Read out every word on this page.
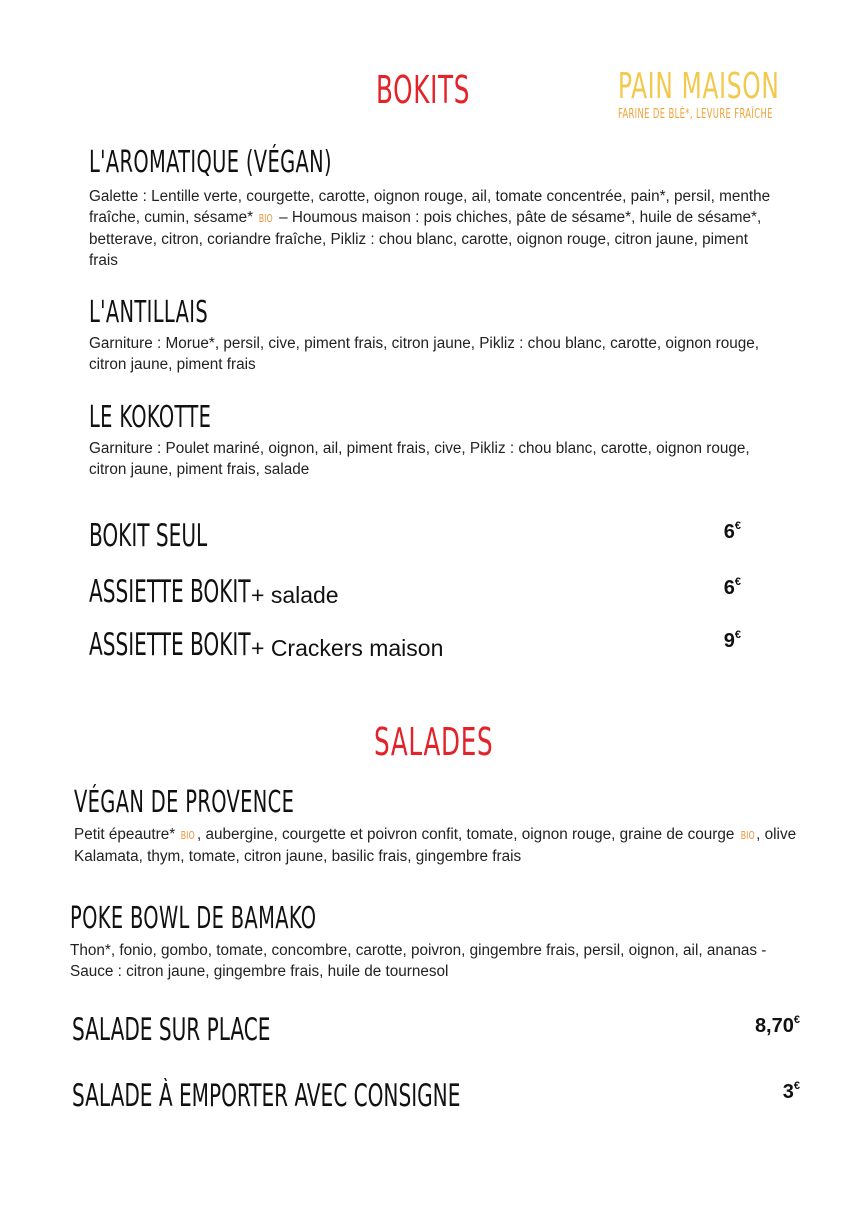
BOKITS	PAIN MAISON
FARINE DE BLÉ*, LEVURE FRAÎCHE
L'AROMATIQUE (VÉGAN)
Galette : Lentille verte, courgette, carotte, oignon rouge, ail, tomate concentrée, pain*, persil, menthe fraîche, cumin, sésame* BIO – Houmous maison : pois chiches, pâte de sésame*, huile de sésame*, betterave, citron, coriandre fraîche, Pikliz : chou blanc, carotte, oignon rouge, citron jaune, piment frais
L'ANTILLAIS
Garniture : Morue*, persil, cive, piment frais, citron jaune, Pikliz : chou blanc, carotte, oignon rouge, citron jaune, piment frais
LE KOKOTTE
Garniture : Poulet mariné, oignon, ail, piment frais, cive, Pikliz : chou blanc, carotte, oignon rouge, citron jaune, piment frais, salade
BOKIT SEUL	6€
ASSIETTE BOKIT + salade	6€
ASSIETTE BOKIT + Crackers maison	9€
SALADES
VÉGAN DE PROVENCE
Petit épeautre* BIO , aubergine, courgette et poivron confit, tomate, oignon rouge, graine de courge BIO , olive Kalamata, thym, tomate, citron jaune, basilic frais, gingembre frais
POKE BOWL DE BAMAKO
Thon*, fonio, gombo, tomate, concombre, carotte, poivron, gingembre frais, persil, oignon, ail, ananas - Sauce : citron jaune, gingembre frais, huile de tournesol
SALADE SUR PLACE	8,70€
SALADE À EMPORTER AVEC CONSIGNE	3€
